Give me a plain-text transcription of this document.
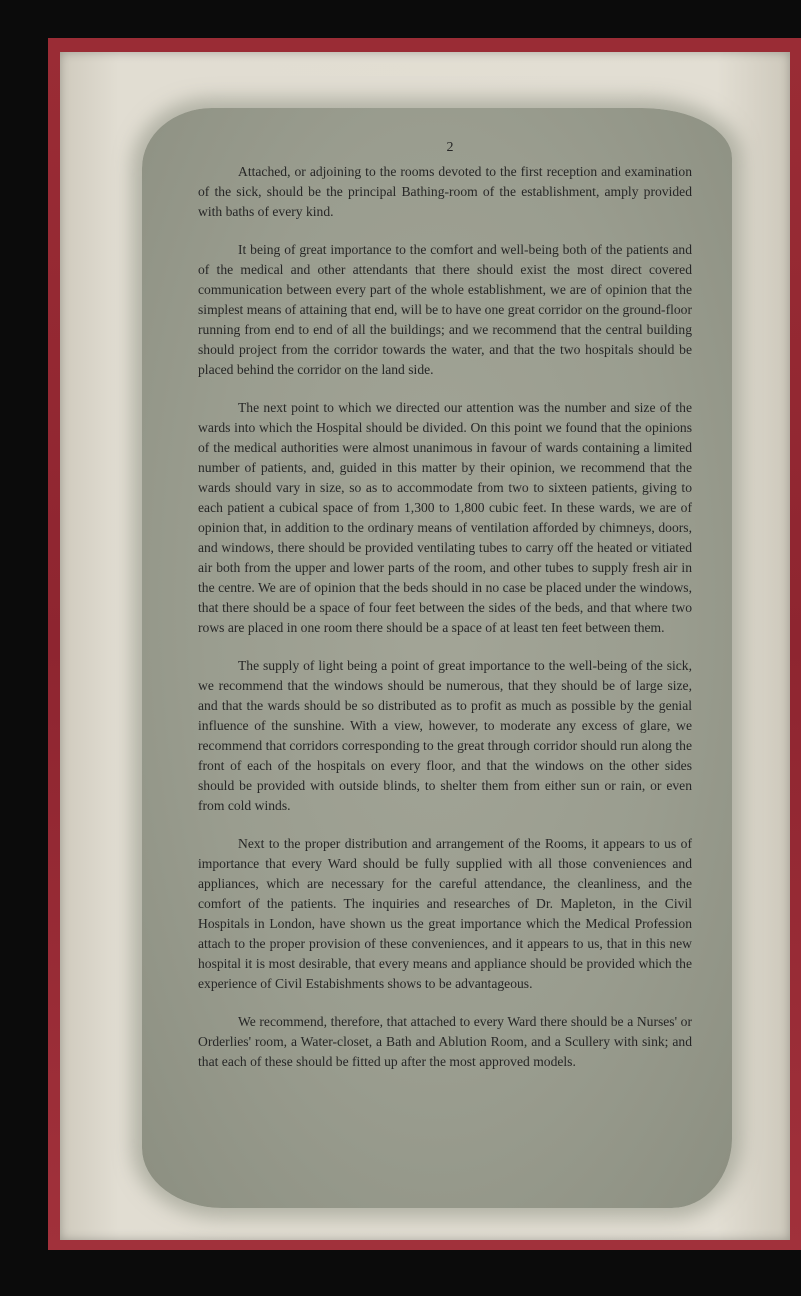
2

Attached, or adjoining to the rooms devoted to the first reception and examination of the sick, should be the principal Bathing-room of the establishment, amply provided with baths of every kind.

It being of great importance to the comfort and well-being both of the patients and of the medical and other attendants that there should exist the most direct covered communication between every part of the whole establishment, we are of opinion that the simplest means of attaining that end, will be to have one great corridor on the ground-floor running from end to end of all the buildings; and we recommend that the central building should project from the corridor towards the water, and that the two hospitals should be placed behind the corridor on the land side.

The next point to which we directed our attention was the number and size of the wards into which the Hospital should be divided. On this point we found that the opinions of the medical authorities were almost unanimous in favour of wards containing a limited number of patients, and, guided in this matter by their opinion, we recommend that the wards should vary in size, so as to accommodate from two to sixteen patients, giving to each patient a cubical space of from 1,300 to 1,800 cubic feet. In these wards, we are of opinion that, in addition to the ordinary means of ventilation afforded by chimneys, doors, and windows, there should be provided ventilating tubes to carry off the heated or vitiated air both from the upper and lower parts of the room, and other tubes to supply fresh air in the centre. We are of opinion that the beds should in no case be placed under the windows, that there should be a space of four feet between the sides of the beds, and that where two rows are placed in one room there should be a space of at least ten feet between them.

The supply of light being a point of great importance to the well-being of the sick, we recommend that the windows should be numerous, that they should be of large size, and that the wards should be so distributed as to profit as much as possible by the genial influence of the sunshine. With a view, however, to moderate any excess of glare, we recommend that corridors corresponding to the great through corridor should run along the front of each of the hospitals on every floor, and that the windows on the other sides should be provided with outside blinds, to shelter them from either sun or rain, or even from cold winds.

Next to the proper distribution and arrangement of the Rooms, it appears to us of importance that every Ward should be fully supplied with all those conveniences and appliances, which are necessary for the careful attendance, the cleanliness, and the comfort of the patients. The inquiries and researches of Dr. Mapleton, in the Civil Hospitals in London, have shown us the great importance which the Medical Profession attach to the proper provision of these conveniences, and it appears to us, that in this new hospital it is most desirable, that every means and appliance should be provided which the experience of Civil Estabishments shows to be advantageous.

We recommend, therefore, that attached to every Ward there should be a Nurses' or Orderlies' room, a Water-closet, a Bath and Ablution Room, and a Scullery with sink; and that each of these should be fitted up after the most approved models.
